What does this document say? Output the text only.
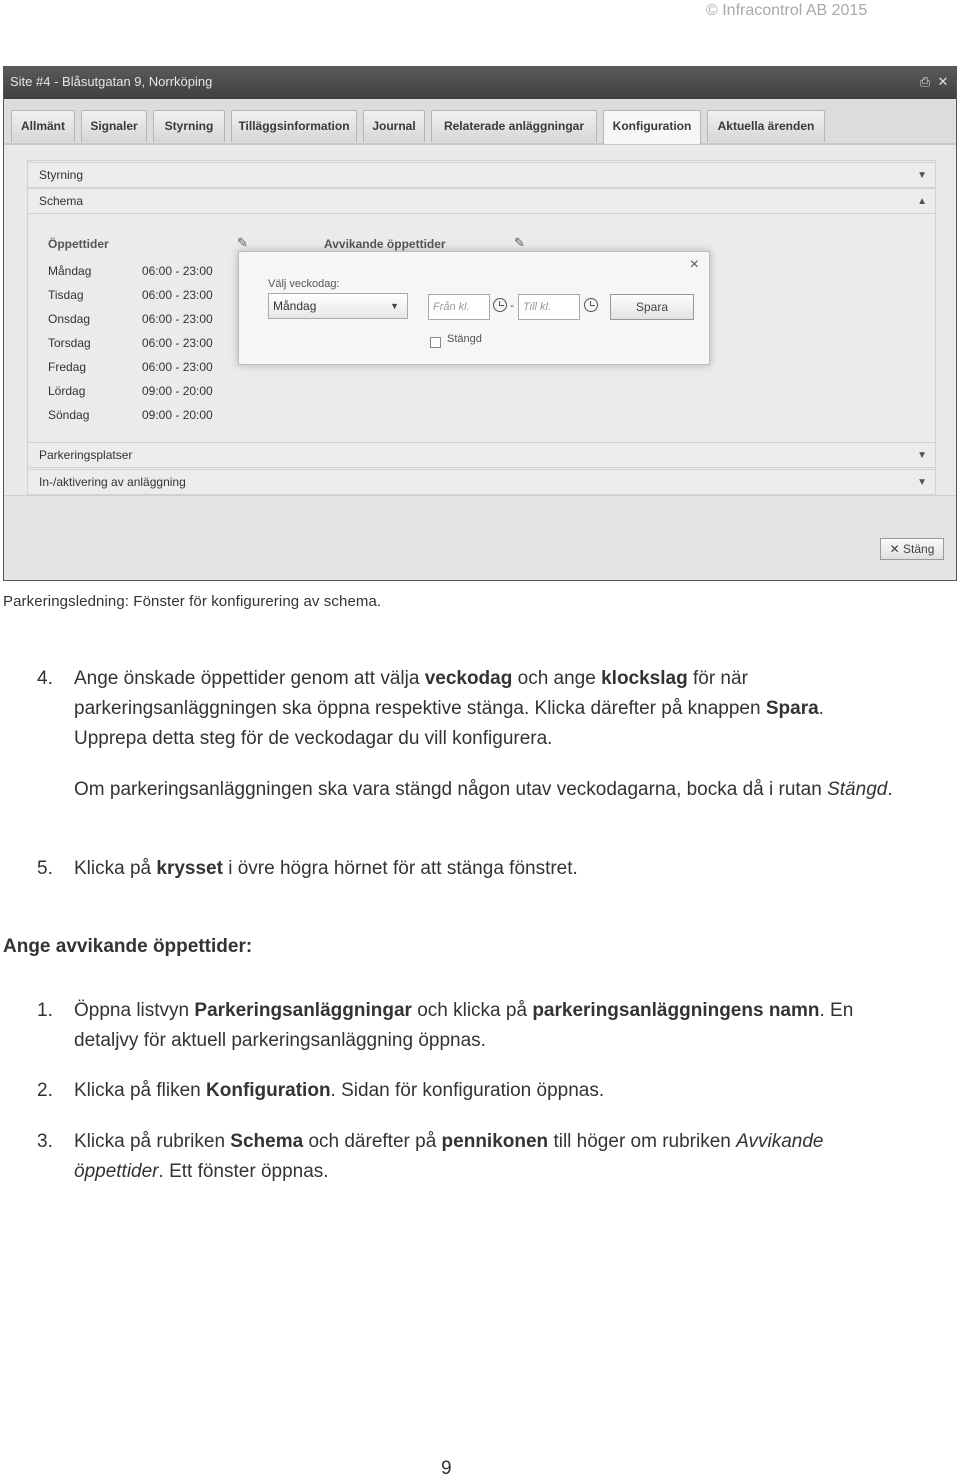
© Infracontrol AB 2015
Site #4 - Blåsutgatan 9, Norrköping	⎙ ✕
Allmänt	Signaler	Styrning	Tilläggsinformation	Journal	Relaterade anläggningar	Konfiguration	Aktuella ärenden
Styrning	▼
Schema	▲
Öppettider	✎	Avvikande öppettider	✎
Måndag	06:00 - 23:00
Tisdag	06:00 - 23:00
Onsdag	06:00 - 23:00
Torsdag	06:00 - 23:00
Fredag	06:00 - 23:00
Lördag	09:00 - 20:00
Söndag	09:00 - 20:00
Parkeringsplatser	▼
In-/aktivering av anläggning	▼
✕ Stäng
×
Välj veckodag:
Måndag	▼	Från kl.	- Till kl.	Spara
Stängd
Parkeringsledning: Fönster för konfigurering av schema.
4. Ange önskade öppettider genom att välja veckodag och ange klockslag för när parkeringsanläggningen ska öppna respektive stänga. Klicka därefter på knappen Spara. Upprepa detta steg för de veckodagar du vill konfigurera.
Om parkeringsanläggningen ska vara stängd någon utav veckodagarna, bocka då i rutan Stängd.
5. Klicka på krysset i övre högra hörnet för att stänga fönstret.
Ange avvikande öppettider:
1. Öppna listvyn Parkeringsanläggningar och klicka på parkeringsanläggningens namn. En detaljvy för aktuell parkeringsanläggning öppnas.
2. Klicka på fliken Konfiguration. Sidan för konfiguration öppnas.
3. Klicka på rubriken Schema och därefter på pennikonen till höger om rubriken Avvikande öppettider. Ett fönster öppnas.
9
